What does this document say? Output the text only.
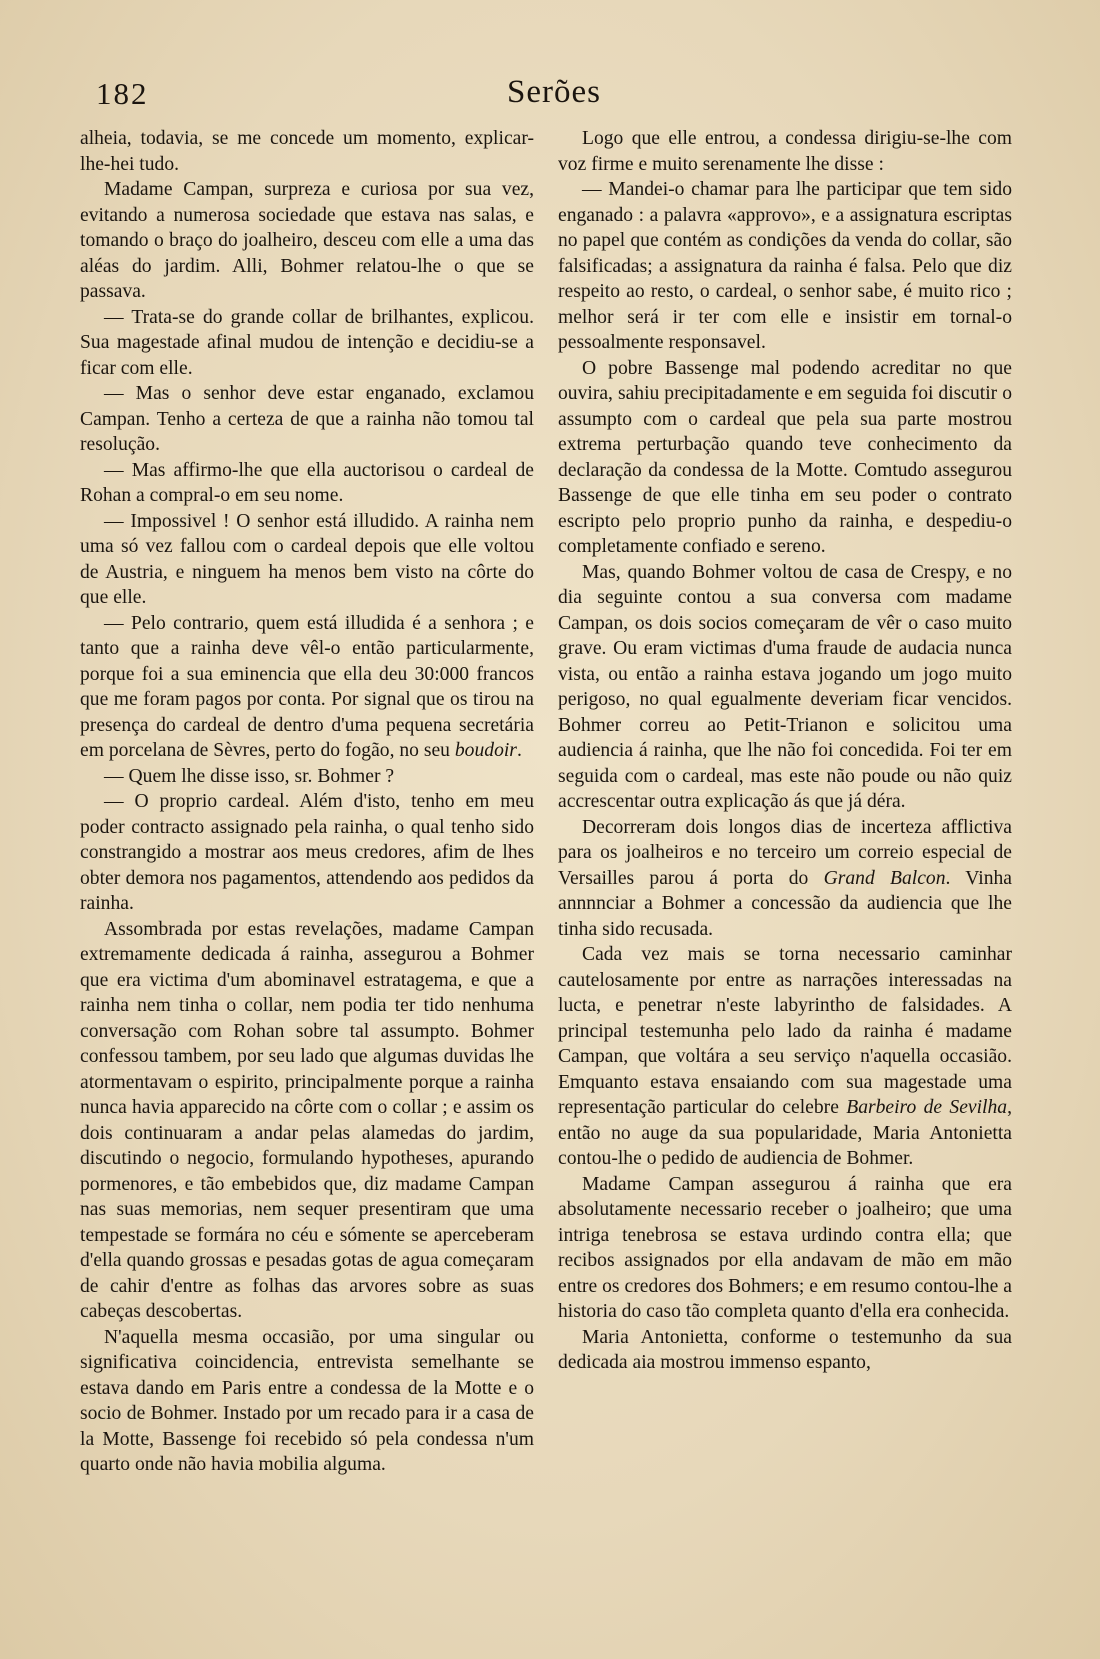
182	Serões

alheia, todavia, se me concede um momento, explicar-lhe-hei tudo.

Madame Campan, surpreza e curiosa por sua vez, evitando a numerosa sociedade que estava nas salas, e tomando o braço do joalheiro, desceu com elle a uma das aléas do jardim. Alli, Bohmer relatou-lhe o que se passava.

— Trata-se do grande collar de brilhantes, explicou. Sua magestade afinal mudou de intenção e decidiu-se a ficar com elle.

— Mas o senhor deve estar enganado, exclamou Campan. Tenho a certeza de que a rainha não tomou tal resolução.

— Mas affirmo-lhe que ella auctorisou o cardeal de Rohan a compral-o em seu nome.

— Impossivel ! O senhor está illudido. A rainha nem uma só vez fallou com o cardeal depois que elle voltou de Austria, e ninguem ha menos bem visto na côrte do que elle.

— Pelo contrario, quem está illudida é a senhora ; e tanto que a rainha deve vêl-o então particularmente, porque foi a sua eminencia que ella deu 30:000 francos que me foram pagos por conta. Por signal que os tirou na presença do cardeal de dentro d'uma pequena secretária em porcelana de Sèvres, perto do fogão, no seu boudoir.

— Quem lhe disse isso, sr. Bohmer ?

— O proprio cardeal. Além d'isto, tenho em meu poder contracto assignado pela rainha, o qual tenho sido constrangido a mostrar aos meus credores, afim de lhes obter demora nos pagamentos, attendendo aos pedidos da rainha.

Assombrada por estas revelações, madame Campan extremamente dedicada á rainha, assegurou a Bohmer que era victima d'um abominavel estratagema, e que a rainha nem tinha o collar, nem podia ter tido nenhuma conversação com Rohan sobre tal assumpto. Bohmer confessou tambem, por seu lado que algumas duvidas lhe atormentavam o espirito, principalmente porque a rainha nunca havia apparecido na côrte com o collar ; e assim os dois continuaram a andar pelas alamedas do jardim, discutindo o negocio, formulando hypotheses, apurando pormenores, e tão embebidos que, diz madame Campan nas suas memorias, nem sequer presentiram que uma tempestade se formára no céu e sómente se aperceberam d'ella quando grossas e pesadas gotas de agua começaram de cahir d'entre as folhas das arvores sobre as suas cabeças descobertas.

N'aquella mesma occasião, por uma singular ou significativa coincidencia, entrevista semelhante se estava dando em Paris entre a condessa de la Motte e o socio de Bohmer. Instado por um recado para ir a casa de la Motte, Bassenge foi recebido só pela condessa n'um quarto onde não havia mobilia alguma.

Logo que elle entrou, a condessa dirigiu-se-lhe com voz firme e muito serenamente lhe disse :

— Mandei-o chamar para lhe participar que tem sido enganado : a palavra «approvo», e a assignatura escriptas no papel que contém as condições da venda do collar, são falsificadas; a assignatura da rainha é falsa. Pelo que diz respeito ao resto, o cardeal, o senhor sabe, é muito rico ; melhor será ir ter com elle e insistir em tornal-o pessoalmente responsavel.

O pobre Bassenge mal podendo acreditar no que ouvira, sahiu precipitadamente e em seguida foi discutir o assumpto com o cardeal que pela sua parte mostrou extrema perturbação quando teve conhecimento da declaração da condessa de la Motte. Comtudo assegurou Bassenge de que elle tinha em seu poder o contrato escripto pelo proprio punho da rainha, e despediu-o completamente confiado e sereno.

Mas, quando Bohmer voltou de casa de Crespy, e no dia seguinte contou a sua conversa com madame Campan, os dois socios começaram de vêr o caso muito grave. Ou eram victimas d'uma fraude de audacia nunca vista, ou então a rainha estava jogando um jogo muito perigoso, no qual egualmente deveriam ficar vencidos. Bohmer correu ao Petit-Trianon e solicitou uma audiencia á rainha, que lhe não foi concedida. Foi ter em seguida com o cardeal, mas este não poude ou não quiz accrescentar outra explicação ás que já déra.

Decorreram dois longos dias de incerteza afflictiva para os joalheiros e no terceiro um correio especial de Versailles parou á porta do Grand Balcon. Vinha annnnciar a Bohmer a concessão da audiencia que lhe tinha sido recusada.

Cada vez mais se torna necessario caminhar cautelosamente por entre as narrações interessadas na lucta, e penetrar n'este labyrintho de falsidades. A principal testemunha pelo lado da rainha é madame Campan, que voltára a seu serviço n'aquella occasião. Emquanto estava ensaiando com sua magestade uma representação particular do celebre Barbeiro de Sevilha, então no auge da sua popularidade, Maria Antonietta contou-lhe o pedido de audiencia de Bohmer.

Madame Campan assegurou á rainha que era absolutamente necessario receber o joalheiro; que uma intriga tenebrosa se estava urdindo contra ella; que recibos assignados por ella andavam de mão em mão entre os credores dos Bohmers; e em resumo contou-lhe a historia do caso tão completa quanto d'ella era conhecida.

Maria Antonietta, conforme o testemunho da sua dedicada aia mostrou immenso espanto,
